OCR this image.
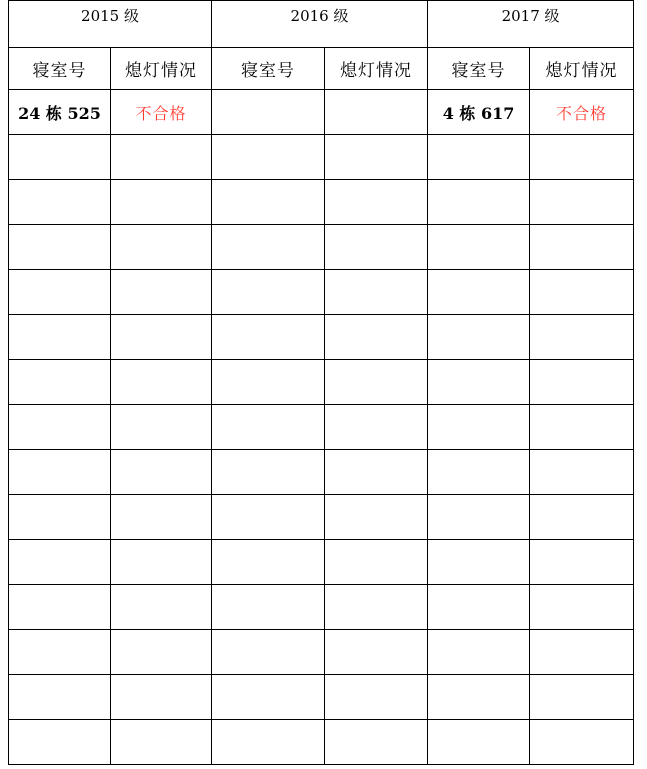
2015 级		2016 级		2017 级	
寝室号	熄灯情况	寝室号	熄灯情况	寝室号	熄灯情况
24 栋 525	不合格			4 栋 617	不合格
